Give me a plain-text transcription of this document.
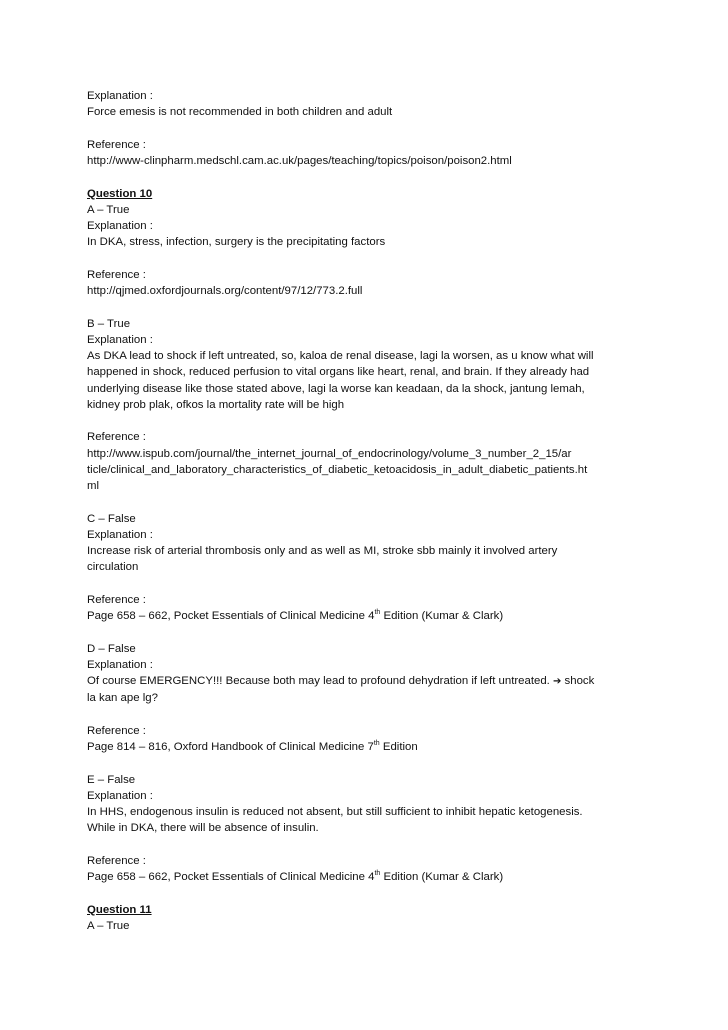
Explanation :
Force emesis is not recommended in both children and adult
Reference :
http://www-clinpharm.medschl.cam.ac.uk/pages/teaching/topics/poison/poison2.html
Question 10
A – True
Explanation :
In DKA, stress, infection, surgery is the precipitating factors
Reference :
http://qjmed.oxfordjournals.org/content/97/12/773.2.full
B – True
Explanation :
As DKA lead to shock if left untreated, so, kaloa de renal disease, lagi la worsen, as u know what will
happened in shock, reduced perfusion to vital organs like heart, renal, and brain. If they already had
underlying disease like those stated above, lagi la worse kan keadaan, da la shock, jantung lemah,
kidney prob plak, ofkos la mortality rate will be high
Reference :
http://www.ispub.com/journal/the_internet_journal_of_endocrinology/volume_3_number_2_15/ar
ticle/clinical_and_laboratory_characteristics_of_diabetic_ketoacidosis_in_adult_diabetic_patients.ht
ml
C – False
Explanation :
Increase risk of arterial thrombosis only and as well as MI, stroke sbb mainly it involved artery
circulation
Reference :
Page 658 – 662, Pocket Essentials of Clinical Medicine 4th Edition (Kumar & Clark)
D – False
Explanation :
Of course EMERGENCY!!! Because both may lead to profound dehydration if left untreated. ➔ shock
la kan ape lg?
Reference :
Page 814 – 816, Oxford Handbook of Clinical Medicine 7th Edition
E – False
Explanation :
In HHS, endogenous insulin is reduced not absent, but still sufficient to inhibit hepatic ketogenesis.
While in DKA, there will be absence of insulin.
Reference :
Page 658 – 662, Pocket Essentials of Clinical Medicine 4th Edition (Kumar & Clark)
Question 11
A – True
